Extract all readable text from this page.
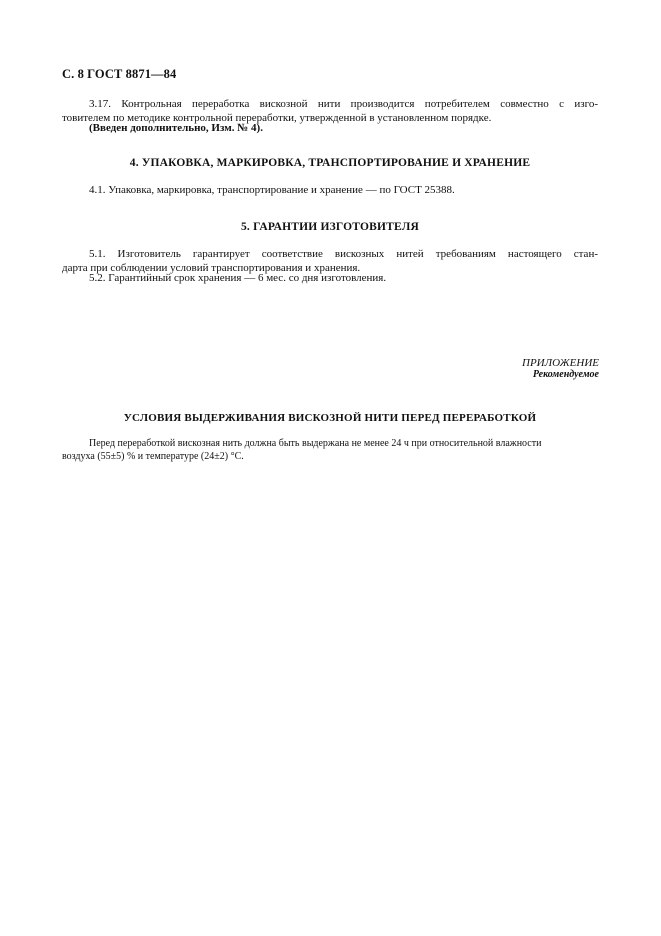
С. 8 ГОСТ 8871—84
3.17. Контрольная переработка вискозной нити производится потребителем совместно с изго-
товителем по методике контрольной переработки, утвержденной в установленном порядке.
(Введен дополнительно, Изм. № 4).
4. УПАКОВКА, МАРКИРОВКА, ТРАНСПОРТИРОВАНИЕ И ХРАНЕНИЕ
4.1. Упаковка, маркировка, транспортирование и хранение — по ГОСТ 25388.
5. ГАРАНТИИ ИЗГОТОВИТЕЛЯ
5.1. Изготовитель гарантирует соответствие вискозных нитей требованиям настоящего стан-
дарта при соблюдении условий транспортирования и хранения.
5.2. Гарантийный срок хранения — 6 мес. со дня изготовления.
ПРИЛОЖЕНИЕ
Рекомендуемое
УСЛОВИЯ ВЫДЕРЖИВАНИЯ ВИСКОЗНОЙ НИТИ ПЕРЕД ПЕРЕРАБОТКОЙ
Перед переработкой вискозная нить должна быть выдержана не менее 24 ч при относительной влажности
воздуха (55±5) % и температуре (24±2) °С.
